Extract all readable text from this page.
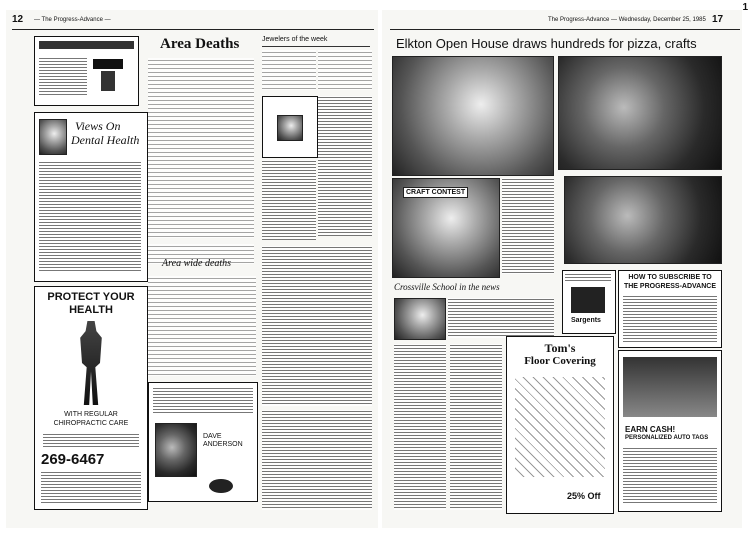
1
12 — The Progress-Advance —
Area Deaths
Views On
Dental Health
Jewelers of the week
Area wide deaths
PROTECT YOUR HEALTH
WITH REGULAR
CHIROPRACTIC CARE
269-6467
DAVE
ANDERSON
The Progress-Advance — Wednesday, December 25, 1985 17
Elkton Open House draws hundreds for pizza, crafts
CRAFT CONTEST
Crossville School in the news
Sargents
HOW TO SUBSCRIBE TO
THE PROGRESS-ADVANCE
Tom's
Floor Covering
25% Off
EARN CASH!
PERSONALIZED AUTO TAGS
